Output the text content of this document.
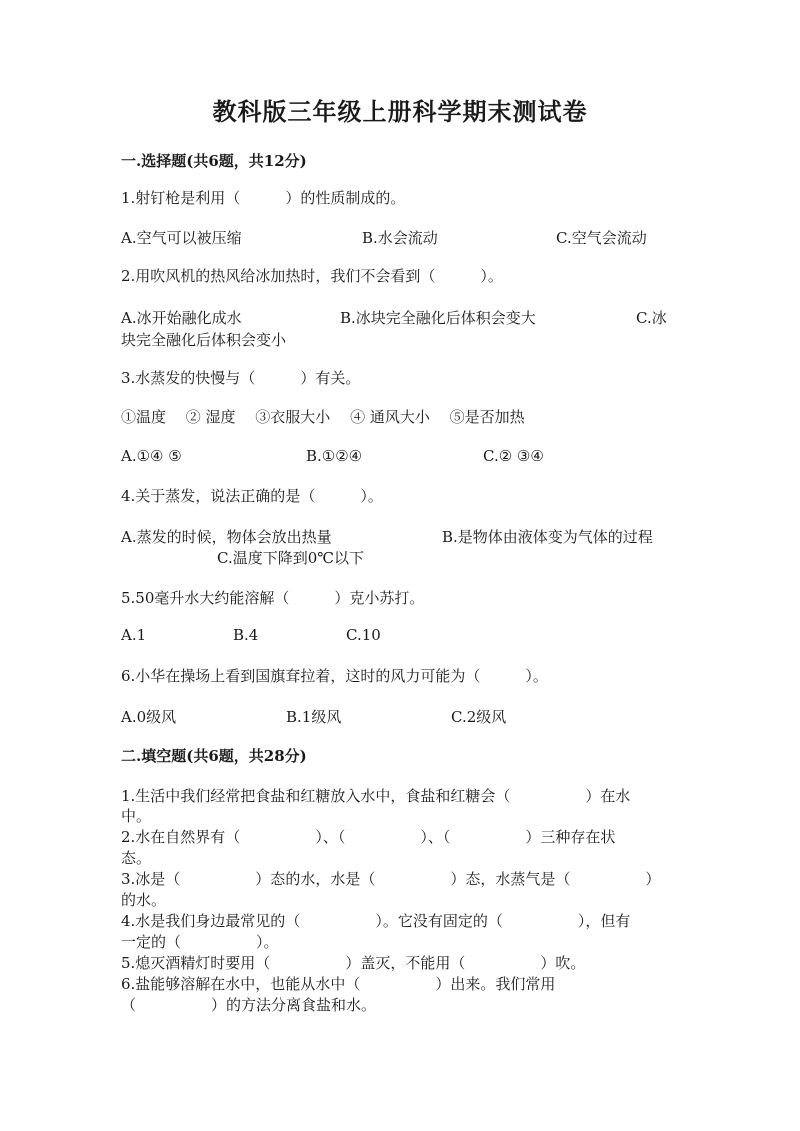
教科版三年级上册科学期末测试卷
一.选择题(共6题，共12分)
1.射钉枪是利用（　　　）的性质制成的。
A.空气可以被压缩	B.水会流动	C.空气会流动
2.用吹风机的热风给冰加热时，我们不会看到（　　　）。
A.冰开始融化成水	B.冰块完全融化后体积会变大	C.冰
块完全融化后体积会变小
3.水蒸发的快慢与（　　　）有关。
①温度　 ② 湿度　 ③衣服大小　 ④ 通风大小　 ⑤是否加热
A.①④ ⑤	B.①②④	C.② ③④
4.关于蒸发，说法正确的是（　　　）。
A.蒸发的时候，物体会放出热量	B.是物体由液体变为气体的过程
C.温度下降到0℃以下
5.50毫升水大约能溶解（　　　）克小苏打。
A.1	B.4	C.10
6.小华在操场上看到国旗耷拉着，这时的风力可能为（　　　）。
A.0级风	B.1级风	C.2级风
二.填空题(共6题，共28分)
1.生活中我们经常把食盐和红糖放入水中，食盐和红糖会（　　　　　）在水
中。
2.水在自然界有（　　　　　）、（　　　　　）、（　　　　　）三种存在状
态。
3.冰是（　　　　　）态的水，水是（　　　　　）态，水蒸气是（　　　　　）
的水。
4.水是我们身边最常见的（　　　　　）。它没有固定的（　　　　　），但有
一定的（　　　　　）。
5.熄灭酒精灯时要用（　　　　　）盖灭，不能用（　　　　　）吹。
6.盐能够溶解在水中，也能从水中（　　　　　）出来。我们常用
（　　　　　）的方法分离食盐和水。
